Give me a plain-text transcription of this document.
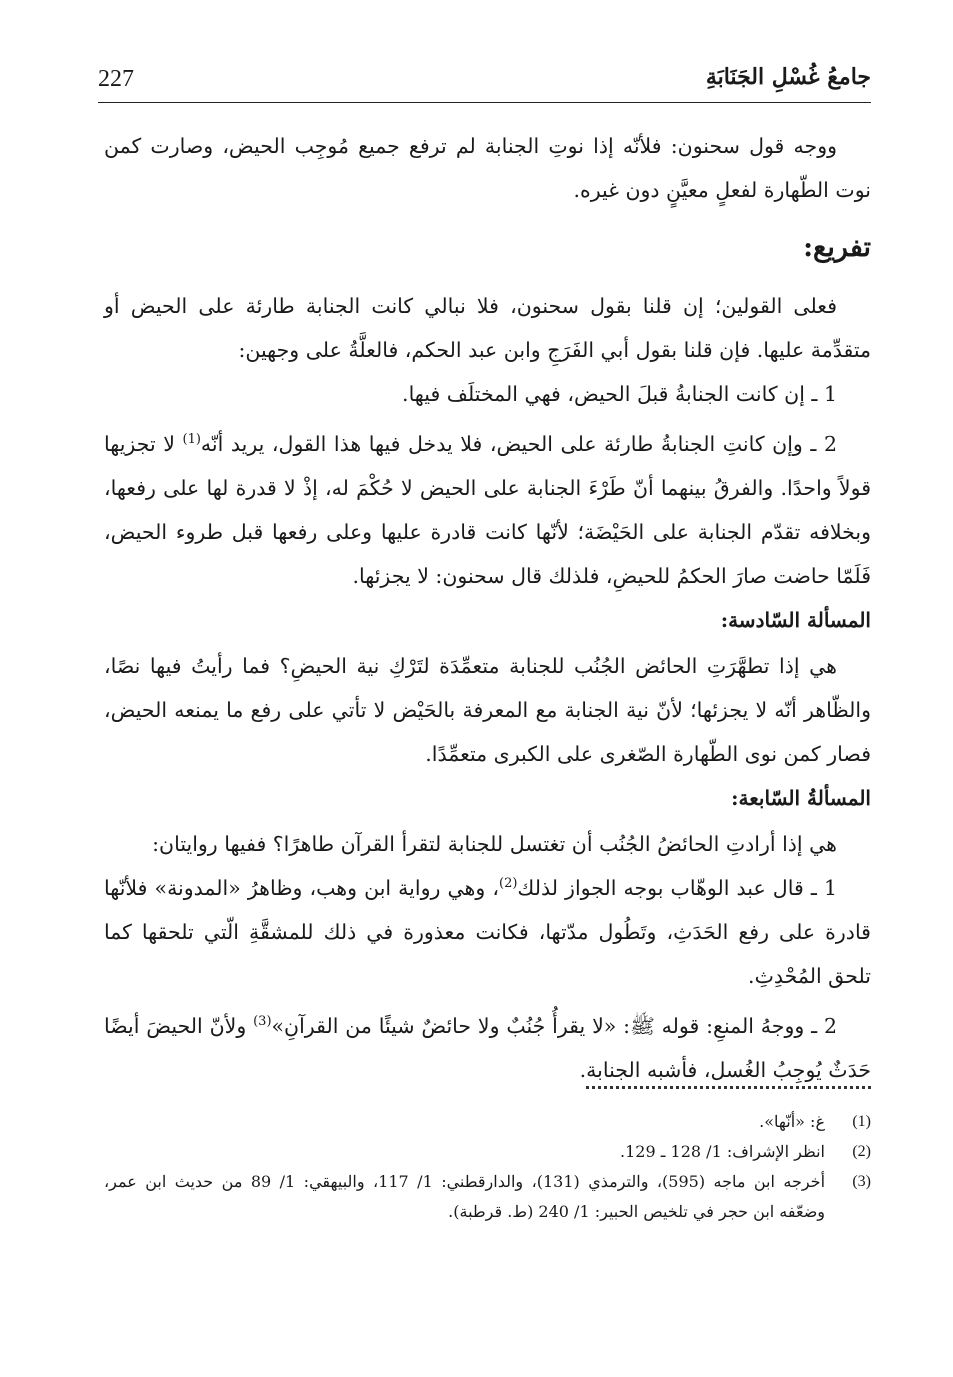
227	جامعُ غُسْلِ الجَنَابَةِ

ووجه قول سحنون: فلأنّه إذا نوتِ الجنابة لم ترفع جميع مُوجِب الحيض، وصارت كمن نوت الطّهارة لفعلٍ معيَّنٍ دون غيره.

تفريع:

فعلى القولين؛ إن قلنا بقول سحنون، فلا نبالي كانت الجنابة طارئة على الحيض أو متقدِّمة عليها. فإن قلنا بقول أبي الفَرَجِ وابن عبد الحكم، فالعلَّةُ على وجهين:

1 ـ إن كانت الجنابةُ قبلَ الحيض، فهي المختلَف فيها.

2 ـ وإن كانتِ الجنابةُ طارئة على الحيض، فلا يدخل فيها هذا القول، يريد أنّه$^{(1)}$ لا تجزيها قولاً واحدًا. والفرقُ بينهما أنّ طَرْءَ الجنابة على الحيض لا حُكْمَ له، إذْ لا قدرة لها على رفعها، وبخلافه تقدّم الجنابة على الحَيْضَة؛ لأنّها كانت قادرة عليها وعلى رفعها قبل طروء الحيض، فَلَمّا حاضت صارَ الحكمُ للحيضِ، فلذلك قال سحنون: لا يجزئها.

المسألة السّادسة:

هي إذا تطهَّرَتِ الحائض الجُنُب للجنابة متعمِّدَة لتَرْكِ نية الحيضِ؟ فما رأيتُ فيها نصًا، والظّاهر أنّه لا يجزئها؛ لأنّ نية الجنابة مع المعرفة بالحَيْض لا تأتي على رفع ما يمنعه الحيض، فصار كمن نوى الطّهارة الصّغرى على الكبرى متعمِّدًا.

المسألةُ السّابعة:

هي إذا أرادتِ الحائضُ الجُنُب أن تغتسل للجنابة لتقرأ القرآن طاهرًا؟ ففيها روايتان:

1 ـ قال عبد الوهّاب بوجه الجواز لذلك$^{(2)}$، وهي رواية ابن وهب، وظاهرُ «المدونة» فلأنّها قادرة على رفع الحَدَثِ، وتَطُول مدّتها، فكانت معذورة في ذلك للمشقَّةِ الّتي تلحقها كما تلحق المُحْدِثِ.

2 ـ ووجهُ المنعِ: قوله ﷺ: «لا يقرأُ جُنُبٌ ولا حائضٌ شيئًا من القرآنِ»$^{(3)}$ ولأنّ الحيضَ أيضًا حَدَثٌ يُوجِبُ الغُسل، فأشبه الجنابة.

(1)
غ: «أنّها».
(2)
انظر الإشراف: 1/ 128 ـ 129.
(3)
أخرجه ابن ماجه (595)، والترمذي (131)، والدارقطني: 1/ 117، والبيهقي: 1/ 89 من حديث ابن عمر، وضعّفه ابن حجر في تلخيص الحبير: 1/ 240 (ط. قرطبة).
